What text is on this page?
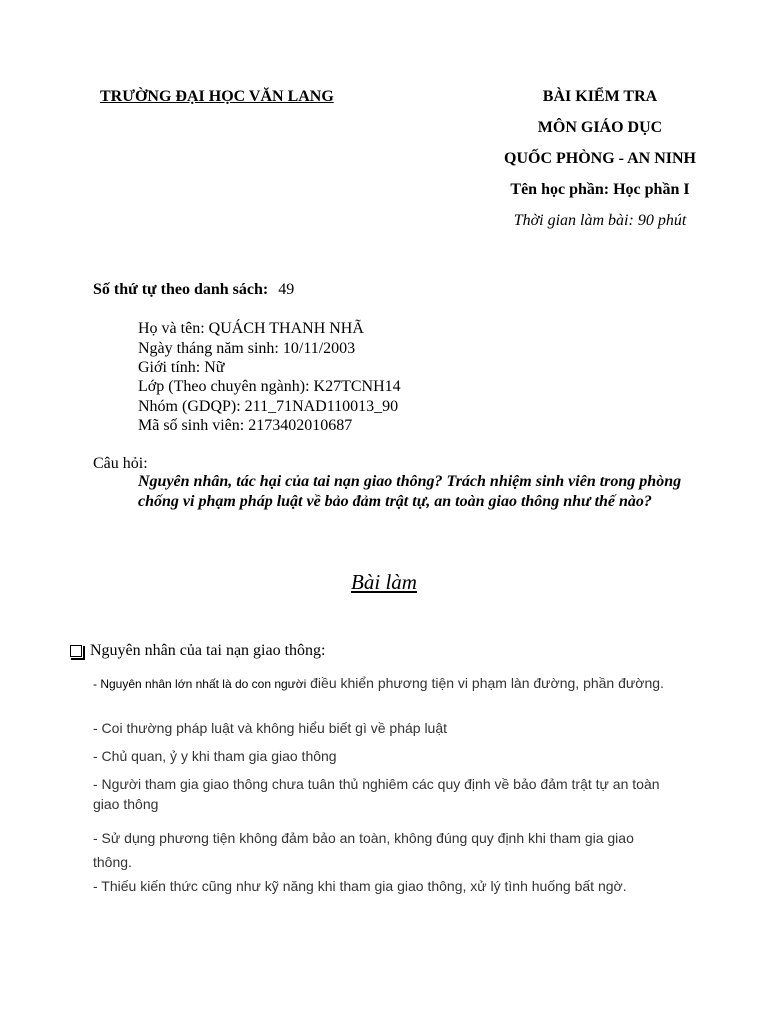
TRƯỜNG ĐẠI HỌC VĂN LANG	BÀI KIỂM TRA
MÔN GIÁO DỤC
QUỐC PHÒNG - AN NINH
Tên học phần: Học phần I
Thời gian làm bài: 90 phút
Số thứ tự theo danh sách: 49
Họ và tên: QUÁCH THANH NHÃ
Ngày tháng năm sinh: 10/11/2003
Giới tính: Nữ
Lớp (Theo chuyên ngành): K27TCNH14
Nhóm (GDQP): 211_71NAD110013_90
Mã số sinh viên: 2173402010687
Câu hỏi:
Nguyên nhân, tác hại của tai nạn giao thông? Trách nhiệm sinh viên trong phòng chống vi phạm pháp luật về bảo đảm trật tự, an toàn giao thông như thế nào?
Bài làm
Nguyên nhân của tai nạn giao thông:
- Nguyên nhân lớn nhất là do con người điều khiển phương tiện vi phạm làn đường, phần đường.
- Coi thường pháp luật và không hiểu biết gì về pháp luật
- Chủ quan, ỷ y khi tham gia giao thông
- Người tham gia giao thông chưa tuân thủ nghiêm các quy định về bảo đảm trật tự an toàn giao thông
- Sử dụng phương tiện không đảm bảo an toàn, không đúng quy định khi tham gia giao thông.
- Thiếu kiến thức cũng như kỹ năng khi tham gia giao thông, xử lý tình huống bất ngờ.
